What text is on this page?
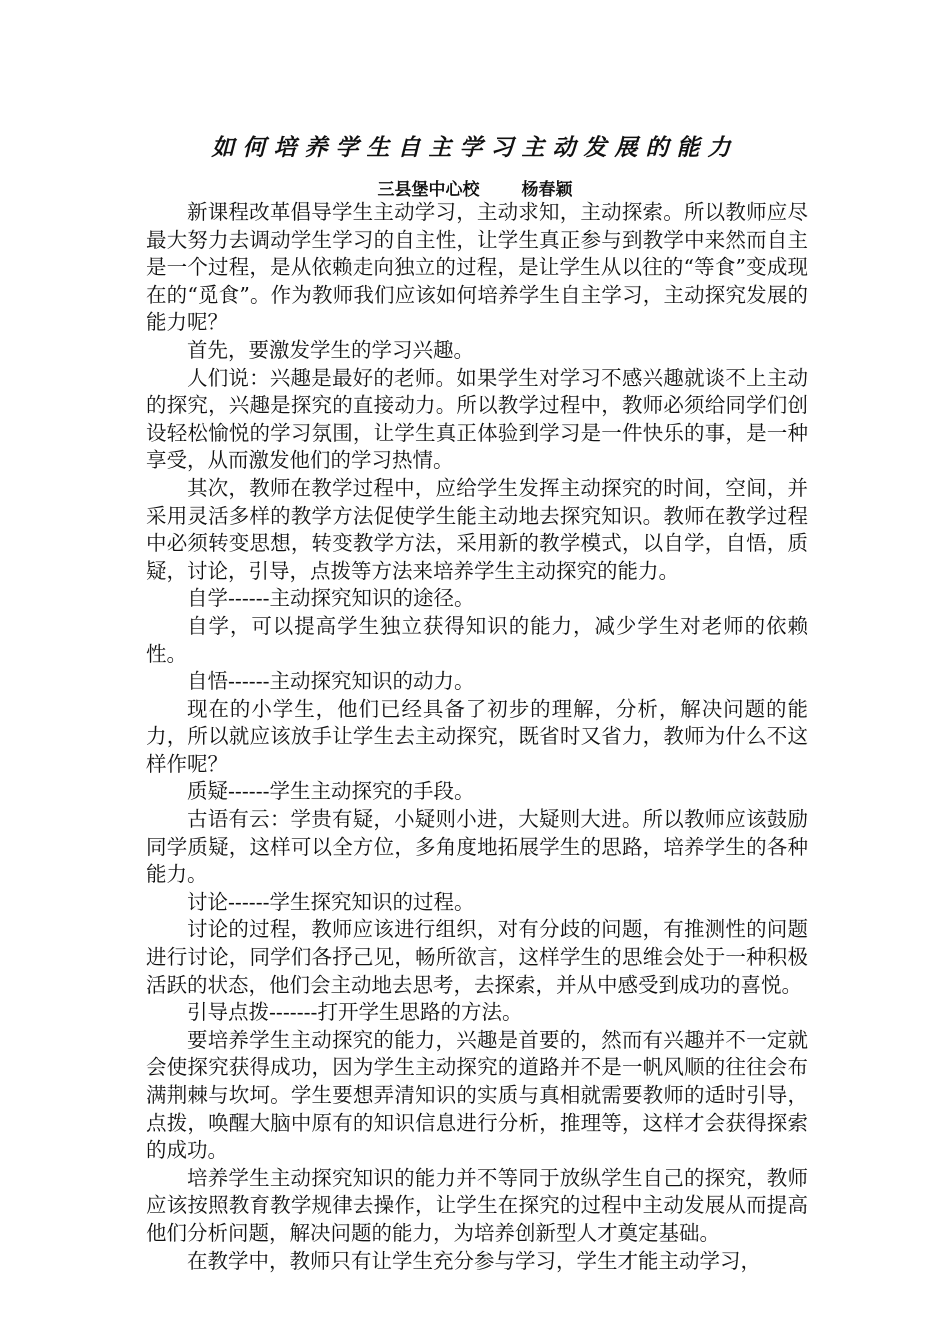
如何培养学生自主学习主动发展的能力
三县堡中心校 杨春颖

新课程改革倡导学生主动学习，主动求知，主动探索。所以教师应尽最大努力去调动学生学习的自主性，让学生真正参与到教学中来然而自主是一个过程，是从依赖走向独立的过程，是让学生从以往的“等食”变成现在的“觅食”。作为教师我们应该如何培养学生自主学习，主动探究发展的能力呢？

首先，要激发学生的学习兴趣。

人们说：兴趣是最好的老师。如果学生对学习不感兴趣就谈不上主动的探究，兴趣是探究的直接动力。所以教学过程中，教师必须给同学们创设轻松愉悦的学习氛围，让学生真正体验到学习是一件快乐的事，是一种享受，从而激发他们的学习热情。

其次，教师在教学过程中，应给学生发挥主动探究的时间，空间，并采用灵活多样的教学方法促使学生能主动地去探究知识。教师在教学过程中必须转变思想，转变教学方法，采用新的教学模式，以自学，自悟，质疑，讨论，引导，点拨等方法来培养学生主动探究的能力。

自学------主动探究知识的途径。

自学，可以提高学生独立获得知识的能力，减少学生对老师的依赖性。

自悟------主动探究知识的动力。

现在的小学生，他们已经具备了初步的理解，分析，解决问题的能力，所以就应该放手让学生去主动探究，既省时又省力，教师为什么不这样作呢？

质疑------学生主动探究的手段。

古语有云：学贵有疑，小疑则小进，大疑则大进。所以教师应该鼓励同学质疑，这样可以全方位，多角度地拓展学生的思路，培养学生的各种能力。

讨论------学生探究知识的过程。

讨论的过程，教师应该进行组织，对有分歧的问题，有推测性的问题进行讨论，同学们各抒己见，畅所欲言，这样学生的思维会处于一种积极活跃的状态，他们会主动地去思考，去探索，并从中感受到成功的喜悦。

引导点拨-------打开学生思路的方法。

要培养学生主动探究的能力，兴趣是首要的，然而有兴趣并不一定就会使探究获得成功，因为学生主动探究的道路并不是一帆风顺的往往会布满荆棘与坎坷。学生要想弄清知识的实质与真相就需要教师的适时引导，点拨，唤醒大脑中原有的知识信息进行分析，推理等，这样才会获得探索的成功。

培养学生主动探究知识的能力并不等同于放纵学生自己的探究，教师应该按照教育教学规律去操作，让学生在探究的过程中主动发展从而提高他们分析问题，解决问题的能力，为培养创新型人才奠定基础。

在教学中，教师只有让学生充分参与学习，学生才能主动学习，
